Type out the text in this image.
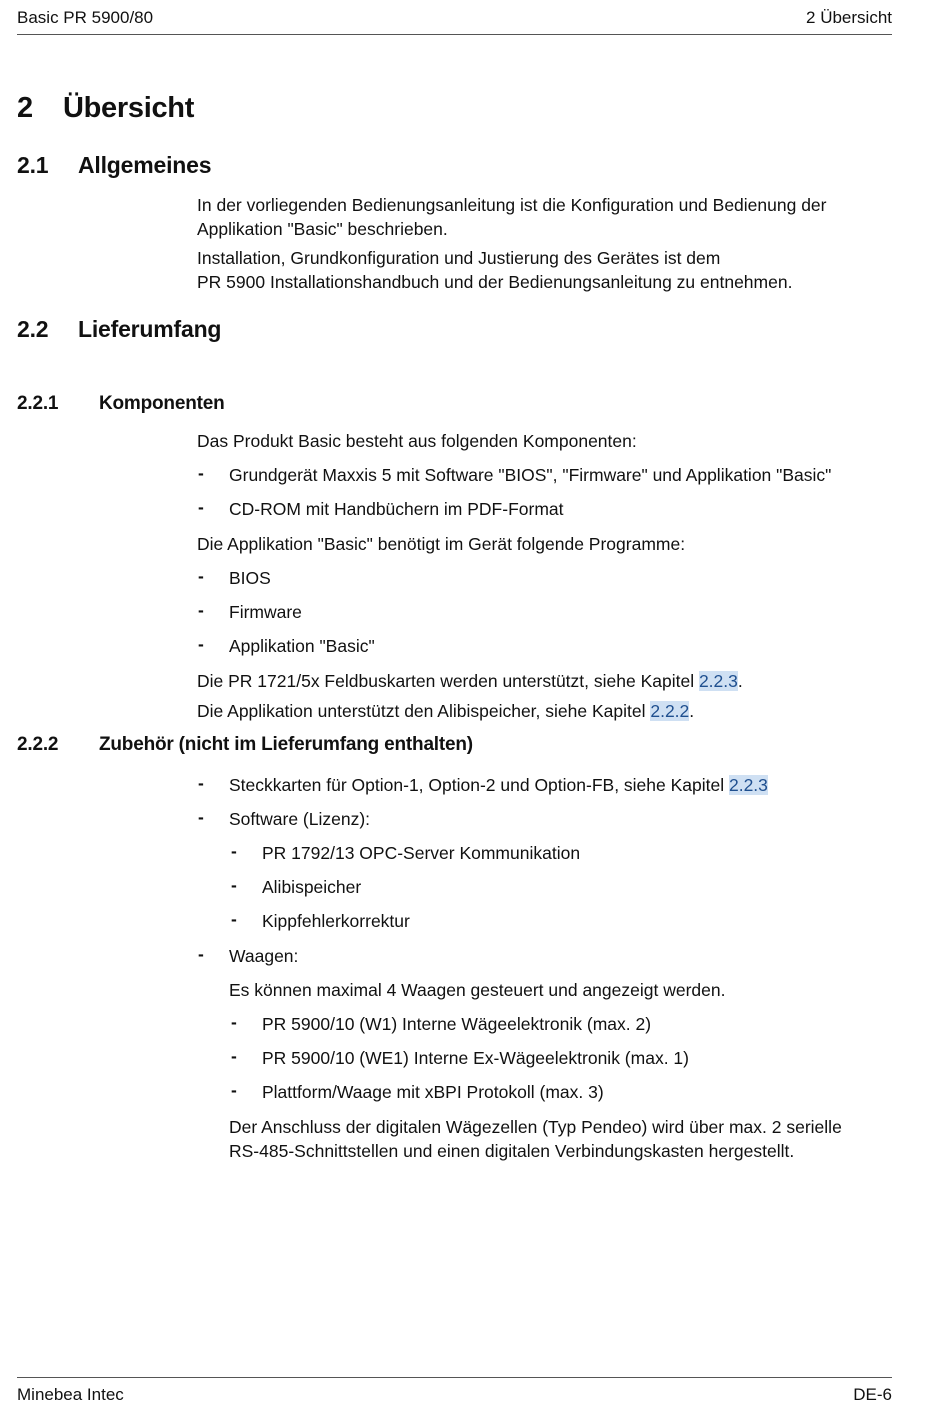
Basic PR 5900/80	2 Übersicht
2 Übersicht
2.1 Allgemeines
In der vorliegenden Bedienungsanleitung ist die Konfiguration und Bedienung der
Applikation "Basic" beschrieben.
Installation, Grundkonfiguration und Justierung des Gerätes ist dem
PR 5900 Installationshandbuch und der Bedienungsanleitung zu entnehmen.
2.2 Lieferumfang
2.2.1 Komponenten
Das Produkt Basic besteht aus folgenden Komponenten:
- Grundgerät Maxxis 5 mit Software "BIOS", "Firmware" und Applikation "Basic"
- CD-ROM mit Handbüchern im PDF-Format
Die Applikation "Basic" benötigt im Gerät folgende Programme:
- BIOS
- Firmware
- Applikation "Basic"
Die PR 1721/5x Feldbuskarten werden unterstützt, siehe Kapitel 2.2.3.
Die Applikation unterstützt den Alibispeicher, siehe Kapitel 2.2.2.
2.2.2 Zubehör (nicht im Lieferumfang enthalten)
- Steckkarten für Option-1, Option-2 und Option-FB, siehe Kapitel 2.2.3
- Software (Lizenz):
- PR 1792/13 OPC-Server Kommunikation
- Alibispeicher
- Kippfehlerkorrektur
- Waagen:
Es können maximal 4 Waagen gesteuert und angezeigt werden.
- PR 5900/10 (W1) Interne Wägeelektronik (max. 2)
- PR 5900/10 (WE1) Interne Ex-Wägeelektronik (max. 1)
- Plattform/Waage mit xBPI Protokoll (max. 3)
Der Anschluss der digitalen Wägezellen (Typ Pendeo) wird über max. 2 serielle
RS-485-Schnittstellen und einen digitalen Verbindungskasten hergestellt.
Minebea Intec	DE-6
